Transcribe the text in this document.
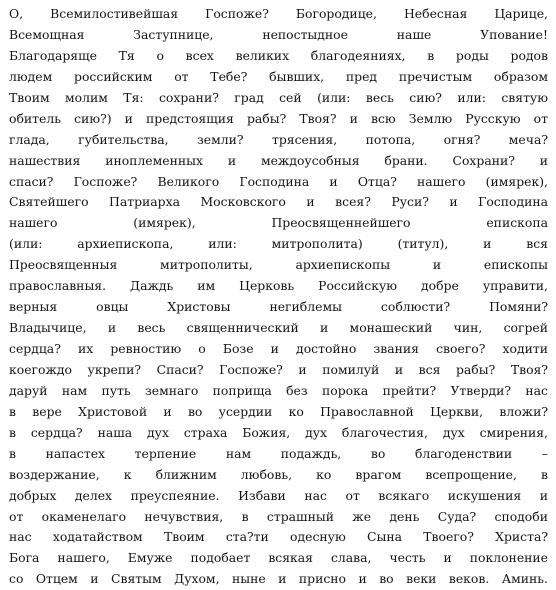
О, Всемилостивейшая Госпоже? Богородице, Небесная Царице,
Всемощная Заступнице, непостыдное наше Упование!
Благодаряще Тя о всех великих благодеяниях, в роды родов
людем российским от Тебе? бывших, пред пречистым образом
Твоим молим Тя: сохрани? град сей (или: весь сию? или: святую
обитель сию?) и предстоящия рабы? Твоя? и всю Землю Русскую от
глада, губительства, земли? трясения, потопа, огня? меча?
нашествия иноплеменных и междоусобныя брани. Сохрани? и
спаси? Госпоже? Великого Господина и Отца? нашего (имярек),
Святейшего Патриарха Московского и всея? Руси? и Господина
нашего (имярек), Преосвященнейшего епископа
(или: архиепископа, или: митрополита) (титул), и вся
Преосвященныя митрополиты, архиепископы и епископы
православныя. Даждь им Церковь Российскую добре управити,
верныя овцы Христовы негиблемы соблюсти? Помяни?
Владычице, и весь священнический и монашеский чин, согрей
сердца? их ревностию о Бозе и достойно звания своего? ходити
коегождо укрепи? Спаси? Госпоже? и помилуй и вся рабы? Твоя?
даруй нам путь земнаго поприща без порока прейти? Утверди? нас
в вере Христовой и во усердии ко Православной Церкви, вложи?
в сердца? наша дух страха Божия, дух благочестия, дух смирения,
в напастех терпение нам подаждь, во благоденствии –
воздержание, к ближним любовь, ко врагом всепрощение, в
добрых делех преуспеяние. Избави нас от всякаго искушения и
от окаменелаго нечувствия, в страшный же день Суда? сподоби
нас ходатайством Твоим ста?ти одесную Сына Твоего? Христа?
Бога нашего, Емуже подобает всякая слава, честь и поклонение
со Отцем и Святым Духом, ныне и присно и во веки веков. Аминь.
